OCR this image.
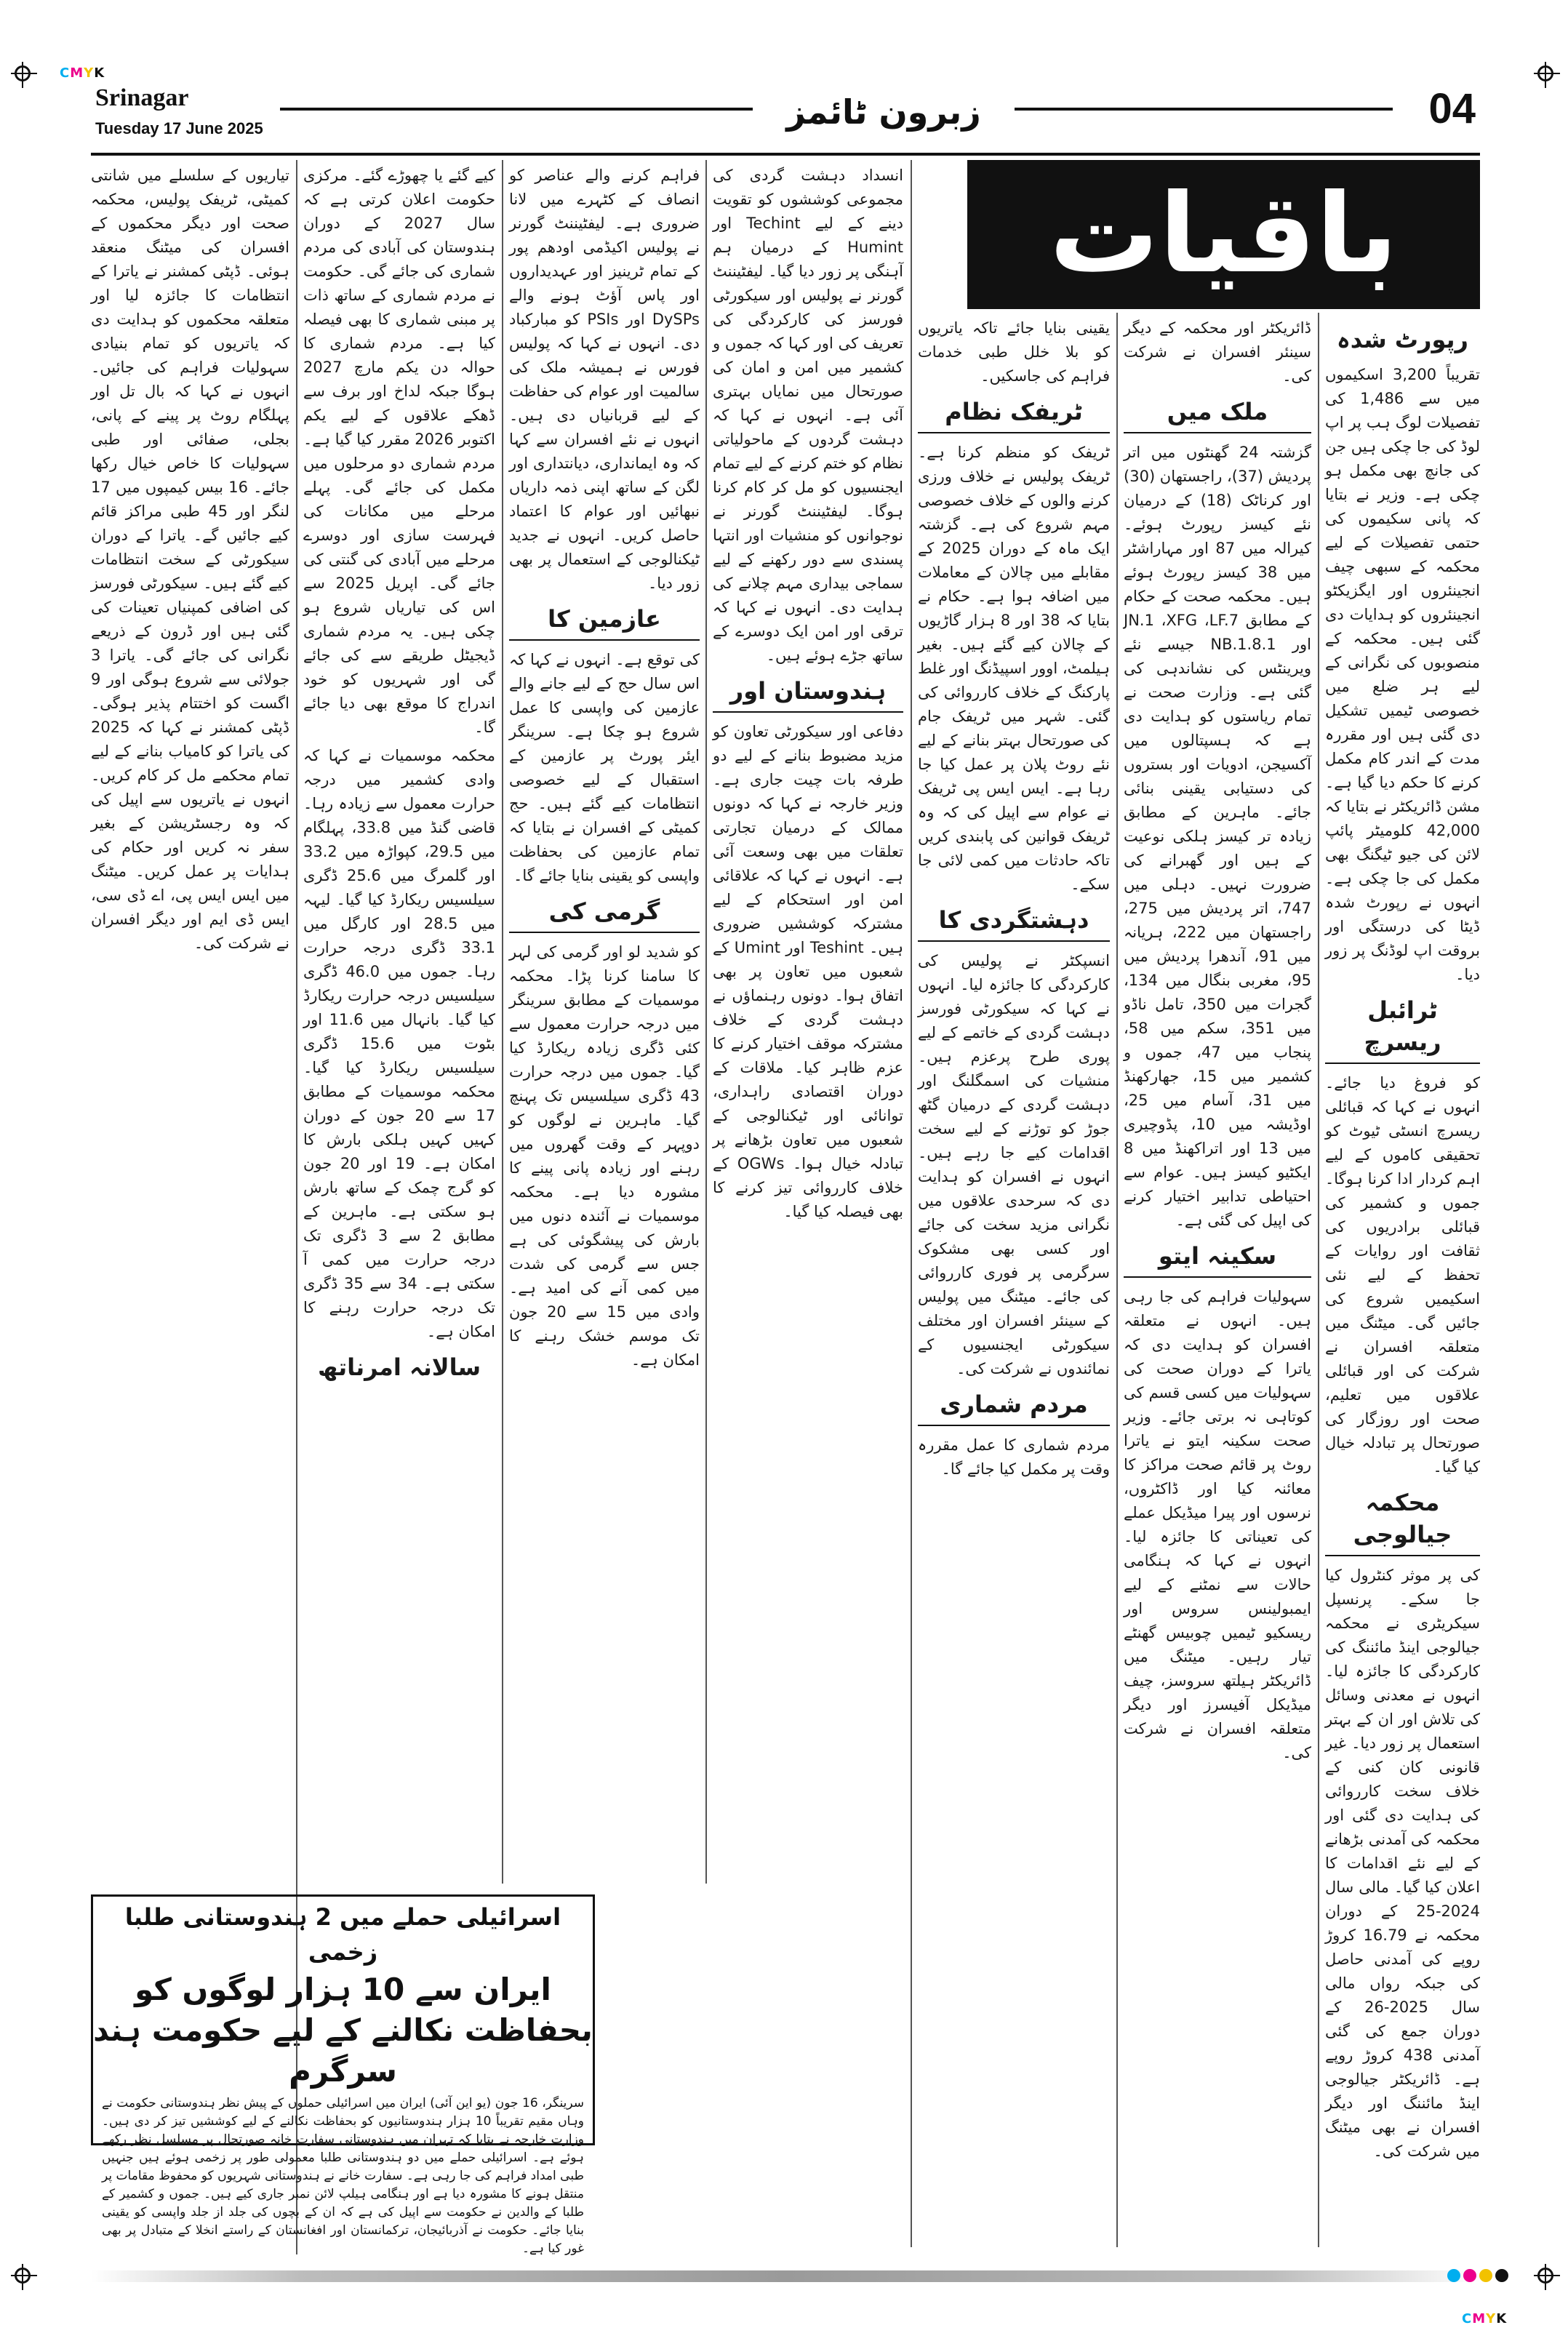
CMYK
CMYK
Srinagar
Tuesday 17 June 2025	زبرون ٹائمز	04
باقیات
رپورٹ شدہ

تقریباً 3,200 اسکیموں میں سے 1,486 کی تفصیلات لوگ ہب پر اپ لوڈ کی جا چکی ہیں جن کی جانچ بھی مکمل ہو چکی ہے۔ وزیر نے بتایا کہ پانی سکیموں کی حتمی تفصیلات کے لیے محکمہ کے سبھی چیف انجینئروں اور ایگزیکٹو انجینئروں کو ہدایات دی گئی ہیں۔ محکمہ کے منصوبوں کی نگرانی کے لیے ہر ضلع میں خصوصی ٹیمیں تشکیل دی گئی ہیں اور مقررہ مدت کے اندر کام مکمل کرنے کا حکم دیا گیا ہے۔ مشن ڈائریکٹر نے بتایا کہ 42,000 کلومیٹر پائپ لائن کی جیو ٹیگنگ بھی مکمل کی جا چکی ہے۔ انہوں نے رپورٹ شدہ ڈیٹا کی درستگی اور بروقت اپ لوڈنگ پر زور دیا۔

ٹرائبل ریسرچ

کو فروغ دیا جائے۔ انہوں نے کہا کہ قبائلی ریسرچ انسٹی ٹیوٹ کو تحقیقی کاموں کے لیے اہم کردار ادا کرنا ہوگا۔ جموں و کشمیر کی قبائلی برادریوں کی ثقافت اور روایات کے تحفظ کے لیے نئی اسکیمیں شروع کی جائیں گی۔ میٹنگ میں متعلقہ افسران نے شرکت کی اور قبائلی علاقوں میں تعلیم، صحت اور روزگار کی صورتحال پر تبادلہ خیال کیا گیا۔

محکمہ جیالوجی

کی پر موثر کنٹرول کیا جا سکے۔ پرنسپل سیکریٹری نے محکمہ جیالوجی اینڈ مائننگ کی کارکردگی کا جائزہ لیا۔ انہوں نے معدنی وسائل کی تلاش اور ان کے بہتر استعمال پر زور دیا۔ غیر قانونی کان کنی کے خلاف سخت کارروائی کی ہدایت دی گئی اور محکمہ کی آمدنی بڑھانے کے لیے نئے اقدامات کا اعلان کیا گیا۔ مالی سال 2024-25 کے دوران محکمہ نے 16.79 کروڑ روپے کی آمدنی حاصل کی جبکہ رواں مالی سال 2025-26 کے دوران جمع کی گئی آمدنی 438 کروڑ روپے ہے۔ ڈائریکٹر جیالوجی اینڈ مائننگ اور دیگر افسران نے بھی میٹنگ میں شرکت کی۔

ڈائریکٹر اور محکمہ کے دیگر سینئر افسران نے شرکت کی۔

ملک میں

گزشتہ 24 گھنٹوں میں اتر پردیش (37)، راجستھان (30) اور کرناٹک (18) کے درمیان نئے کیسز رپورٹ ہوئے۔ کیرالہ میں 87 اور مہاراشٹر میں 38 کیسز رپورٹ ہوئے ہیں۔ محکمہ صحت کے حکام کے مطابق JN.1 ،XFG ،LF.7 اور NB.1.8.1 جیسے نئے ویرینٹس کی نشاندہی کی گئی ہے۔ وزارت صحت نے تمام ریاستوں کو ہدایت دی ہے کہ ہسپتالوں میں آکسیجن، ادویات اور بستروں کی دستیابی یقینی بنائی جائے۔ ماہرین کے مطابق زیادہ تر کیسز ہلکی نوعیت کے ہیں اور گھبرانے کی ضرورت نہیں۔ دہلی میں 747، اتر پردیش میں 275، راجستھان میں 222، ہریانہ میں 91، آندھرا پردیش میں 95، مغربی بنگال میں 134، گجرات میں 350، تامل ناڈو میں 351، سکم میں 58، پنجاب میں 47، جموں و کشمیر میں 15، جھارکھنڈ میں 31، آسام میں 25، اوڈیشہ میں 10، پڈوچیری میں 13 اور اتراکھنڈ میں 8 ایکٹیو کیسز ہیں۔ عوام سے احتیاطی تدابیر اختیار کرنے کی اپیل کی گئی ہے۔

سکینہ ایتو

سہولیات فراہم کی جا رہی ہیں۔ انہوں نے متعلقہ افسران کو ہدایت دی کہ یاترا کے دوران صحت کی سہولیات میں کسی قسم کی کوتاہی نہ برتی جائے۔ وزیر صحت سکینہ ایتو نے یاترا روٹ پر قائم صحت مراکز کا معائنہ کیا اور ڈاکٹروں، نرسوں اور پیرا میڈیکل عملے کی تعیناتی کا جائزہ لیا۔ انہوں نے کہا کہ ہنگامی حالات سے نمٹنے کے لیے ایمبولینس سروس اور ریسکیو ٹیمیں چوبیس گھنٹے تیار رہیں۔ میٹنگ میں ڈائریکٹر ہیلتھ سروسز، چیف میڈیکل آفیسرز اور دیگر متعلقہ افسران نے شرکت کی۔

یقینی بنایا جائے تاکہ یاتریوں کو بلا خلل طبی خدمات فراہم کی جاسکیں۔

ٹریفک نظام

ٹریفک کو منظم کرنا ہے۔ ٹریفک پولیس نے خلاف ورزی کرنے والوں کے خلاف خصوصی مہم شروع کی ہے۔ گزشتہ ایک ماہ کے دوران 2025 کے مقابلے میں چالان کے معاملات میں اضافہ ہوا ہے۔ حکام نے بتایا کہ 38 اور 8 ہزار گاڑیوں کے چالان کیے گئے ہیں۔ بغیر ہیلمٹ، اوور اسپیڈنگ اور غلط پارکنگ کے خلاف کارروائی کی گئی۔ شہر میں ٹریفک جام کی صورتحال بہتر بنانے کے لیے نئے روٹ پلان پر عمل کیا جا رہا ہے۔ ایس ایس پی ٹریفک نے عوام سے اپیل کی کہ وہ ٹریفک قوانین کی پابندی کریں تاکہ حادثات میں کمی لائی جا سکے۔

دہشتگردی کا

انسپکٹر نے پولیس کی کارکردگی کا جائزہ لیا۔ انہوں نے کہا کہ سیکورٹی فورسز دہشت گردی کے خاتمے کے لیے پوری طرح پرعزم ہیں۔ منشیات کی اسمگلنگ اور دہشت گردی کے درمیان گٹھ جوڑ کو توڑنے کے لیے سخت اقدامات کیے جا رہے ہیں۔ انہوں نے افسران کو ہدایت دی کہ سرحدی علاقوں میں نگرانی مزید سخت کی جائے اور کسی بھی مشکوک سرگرمی پر فوری کارروائی کی جائے۔ میٹنگ میں پولیس کے سینئر افسران اور مختلف سیکورٹی ایجنسیوں کے نمائندوں نے شرکت کی۔

مردم شماری

مردم شماری کا عمل مقررہ وقت پر مکمل کیا جائے گا۔

انسداد دہشت گردی کی مجموعی کوششوں کو تقویت دینے کے لیے Techint اور Humint کے درمیان ہم آہنگی پر زور دیا گیا۔ لیفٹیننٹ گورنر نے پولیس اور سیکورٹی فورسز کی کارکردگی کی تعریف کی اور کہا کہ جموں و کشمیر میں امن و امان کی صورتحال میں نمایاں بہتری آئی ہے۔ انہوں نے کہا کہ دہشت گردوں کے ماحولیاتی نظام کو ختم کرنے کے لیے تمام ایجنسیوں کو مل کر کام کرنا ہوگا۔ لیفٹیننٹ گورنر نے نوجوانوں کو منشیات اور انتہا پسندی سے دور رکھنے کے لیے سماجی بیداری مہم چلانے کی ہدایت دی۔ انہوں نے کہا کہ ترقی اور امن ایک دوسرے کے ساتھ جڑے ہوئے ہیں۔

ہندوستان اور

دفاعی اور سیکورٹی تعاون کو مزید مضبوط بنانے کے لیے دو طرفہ بات چیت جاری ہے۔ وزیر خارجہ نے کہا کہ دونوں ممالک کے درمیان تجارتی تعلقات میں بھی وسعت آئی ہے۔ انہوں نے کہا کہ علاقائی امن اور استحکام کے لیے مشترکہ کوششیں ضروری ہیں۔ Teshint اور Umint کے شعبوں میں تعاون پر بھی اتفاق ہوا۔ دونوں رہنماؤں نے دہشت گردی کے خلاف مشترکہ موقف اختیار کرنے کا عزم ظاہر کیا۔ ملاقات کے دوران اقتصادی راہداری، توانائی اور ٹیکنالوجی کے شعبوں میں تعاون بڑھانے پر تبادلہ خیال ہوا۔ OGWs کے خلاف کارروائی تیز کرنے کا بھی فیصلہ کیا گیا۔

فراہم کرنے والے عناصر کو انصاف کے کٹہرے میں لانا ضروری ہے۔ لیفٹیننٹ گورنر نے پولیس اکیڈمی اودھم پور کے تمام ٹرینیز اور عہدیداروں اور پاس آؤٹ ہونے والے DySPs اور PSIs کو مبارکباد دی۔ انہوں نے کہا کہ پولیس فورس نے ہمیشہ ملک کی سالمیت اور عوام کی حفاظت کے لیے قربانیاں دی ہیں۔ انہوں نے نئے افسران سے کہا کہ وہ ایمانداری، دیانتداری اور لگن کے ساتھ اپنی ذمہ داریاں نبھائیں اور عوام کا اعتماد حاصل کریں۔ انہوں نے جدید ٹیکنالوجی کے استعمال پر بھی زور دیا۔

عازمین کا

کی توقع ہے۔ انہوں نے کہا کہ اس سال حج کے لیے جانے والے عازمین کی واپسی کا عمل شروع ہو چکا ہے۔ سرینگر ایئر پورٹ پر عازمین کے استقبال کے لیے خصوصی انتظامات کیے گئے ہیں۔ حج کمیٹی کے افسران نے بتایا کہ تمام عازمین کی بحفاظت واپسی کو یقینی بنایا جائے گا۔

گرمی کی

کو شدید لو اور گرمی کی لہر کا سامنا کرنا پڑا۔ محکمہ موسمیات کے مطابق سرینگر میں درجہ حرارت معمول سے کئی ڈگری زیادہ ریکارڈ کیا گیا۔ جموں میں درجہ حرارت 43 ڈگری سیلسیس تک پہنچ گیا۔ ماہرین نے لوگوں کو دوپہر کے وقت گھروں میں رہنے اور زیادہ پانی پینے کا مشورہ دیا ہے۔ محکمہ موسمیات نے آئندہ دنوں میں بارش کی پیشگوئی کی ہے جس سے گرمی کی شدت میں کمی آنے کی امید ہے۔ وادی میں 15 سے 20 جون تک موسم خشک رہنے کا امکان ہے۔

کیے گئے یا چھوڑے گئے۔ مرکزی حکومت اعلان کرتی ہے کہ سال 2027 کے دوران ہندوستان کی آبادی کی مردم شماری کی جائے گی۔ حکومت نے مردم شماری کے ساتھ ذات پر مبنی شماری کا بھی فیصلہ کیا ہے۔ مردم شماری کا حوالہ دن یکم مارچ 2027 ہوگا جبکہ لداخ اور برف سے ڈھکے علاقوں کے لیے یکم اکتوبر 2026 مقرر کیا گیا ہے۔ مردم شماری دو مرحلوں میں مکمل کی جائے گی۔ پہلے مرحلے میں مکانات کی فہرست سازی اور دوسرے مرحلے میں آبادی کی گنتی کی جائے گی۔ اپریل 2025 سے اس کی تیاریاں شروع ہو چکی ہیں۔ یہ مردم شماری ڈیجیٹل طریقے سے کی جائے گی اور شہریوں کو خود اندراج کا موقع بھی دیا جائے گا۔

محکمہ موسمیات نے کہا کہ وادی کشمیر میں درجہ حرارت معمول سے زیادہ رہا۔ قاضی گنڈ میں 33.8، پہلگام میں 29.5، کپواڑہ میں 33.2 اور گلمرگ میں 25.6 ڈگری سیلسیس ریکارڈ کیا گیا۔ لیہہ میں 28.5 اور کارگل میں 33.1 ڈگری درجہ حرارت رہا۔ جموں میں 46.0 ڈگری سیلسیس درجہ حرارت ریکارڈ کیا گیا۔ بانہال میں 11.6 اور بٹوت میں 15.6 ڈگری سیلسیس ریکارڈ کیا گیا۔ محکمہ موسمیات کے مطابق 17 سے 20 جون کے دوران کہیں کہیں ہلکی بارش کا امکان ہے۔ 19 اور 20 جون کو گرج چمک کے ساتھ بارش ہو سکتی ہے۔ ماہرین کے مطابق 2 سے 3 ڈگری تک درجہ حرارت میں کمی آ سکتی ہے۔ 34 سے 35 ڈگری تک درجہ حرارت رہنے کا امکان ہے۔

سالانہ امرناتھ

تیاریوں کے سلسلے میں شانتی کمیٹی، ٹریفک پولیس، محکمہ صحت اور دیگر محکموں کے افسران کی میٹنگ منعقد ہوئی۔ ڈپٹی کمشنر نے یاترا کے انتظامات کا جائزہ لیا اور متعلقہ محکموں کو ہدایت دی کہ یاتریوں کو تمام بنیادی سہولیات فراہم کی جائیں۔ انہوں نے کہا کہ بال تل اور پہلگام روٹ پر پینے کے پانی، بجلی، صفائی اور طبی سہولیات کا خاص خیال رکھا جائے۔ 16 بیس کیمپوں میں 17 لنگر اور 45 طبی مراکز قائم کیے جائیں گے۔ یاترا کے دوران سیکورٹی کے سخت انتظامات کیے گئے ہیں۔ سیکورٹی فورسز کی اضافی کمپنیاں تعینات کی گئی ہیں اور ڈرون کے ذریعے نگرانی کی جائے گی۔ یاترا 3 جولائی سے شروع ہوگی اور 9 اگست کو اختتام پذیر ہوگی۔ ڈپٹی کمشنر نے کہا کہ 2025 کی یاترا کو کامیاب بنانے کے لیے تمام محکمے مل کر کام کریں۔ انہوں نے یاتریوں سے اپیل کی کہ وہ رجسٹریشن کے بغیر سفر نہ کریں اور حکام کی ہدایات پر عمل کریں۔ میٹنگ میں ایس ایس پی، اے ڈی سی، ایس ڈی ایم اور دیگر افسران نے شرکت کی۔

اسرائیلی حملے میں 2 ہندوستانی طلبا زخمی
ایران سے 10 ہزار لوگوں کو بحفاظت نکالنے کے لیے حکومت ہند سرگرم
سرینگر، 16 جون (یو این آئی) ایران میں اسرائیلی حملوں کے پیش نظر ہندوستانی حکومت نے وہاں مقیم تقریباً 10 ہزار ہندوستانیوں کو بحفاظت نکالنے کے لیے کوششیں تیز کر دی ہیں۔ وزارت خارجہ نے بتایا کہ تہران میں ہندوستانی سفارت خانہ صورتحال پر مسلسل نظر رکھے ہوئے ہے۔ اسرائیلی حملے میں دو ہندوستانی طلبا معمولی طور پر زخمی ہوئے ہیں جنہیں طبی امداد فراہم کی جا رہی ہے۔ سفارت خانے نے ہندوستانی شہریوں کو محفوظ مقامات پر منتقل ہونے کا مشورہ دیا ہے اور ہنگامی ہیلپ لائن نمبر جاری کیے ہیں۔ جموں و کشمیر کے طلبا کے والدین نے حکومت سے اپیل کی ہے کہ ان کے بچوں کی جلد از جلد واپسی کو یقینی بنایا جائے۔ حکومت نے آذربائیجان، ترکمانستان اور افغانستان کے راستے انخلا کے متبادل پر بھی غور کیا ہے۔
